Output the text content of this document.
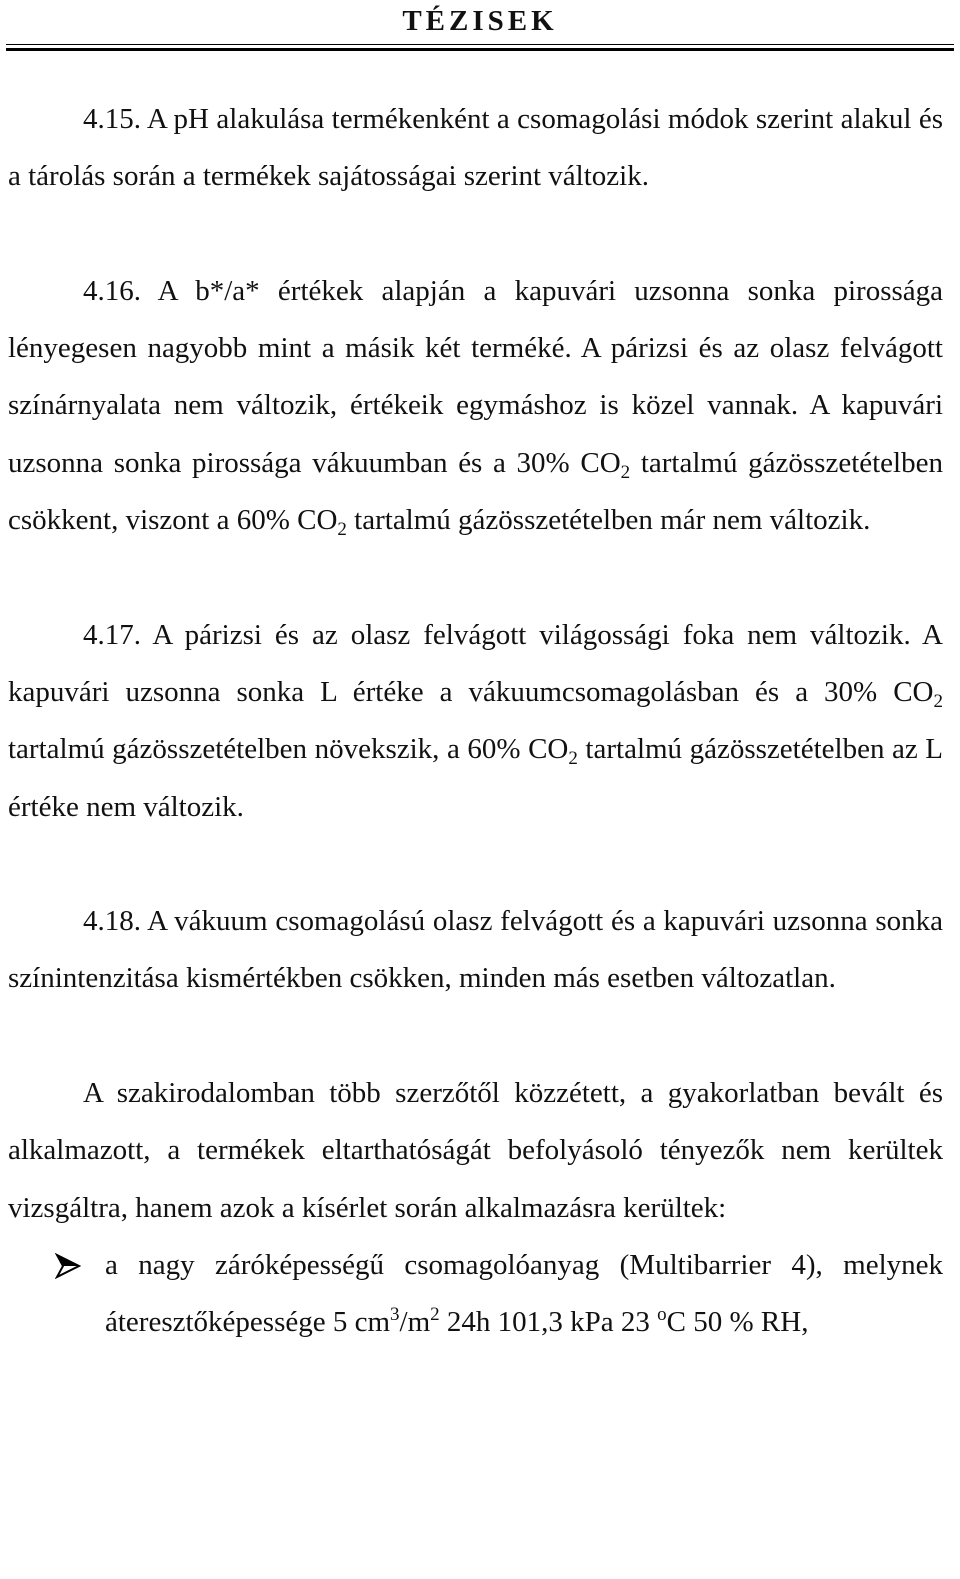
TÉZISEK

4.15. A pH alakulása termékenként a csomagolási módok szerint alakul és a tárolás során a termékek sajátosságai szerint változik.

4.16. A b*/a* értékek alapján a kapuvári uzsonna sonka pirossága lényegesen nagyobb mint a másik két terméké. A párizsi és az olasz felvágott színárnyalata nem változik, értékeik egymáshoz is közel vannak. A kapuvári uzsonna sonka pirossága vákuumban és a 30% $CO_2$ tartalmú gázösszetételben csökkent, viszont a 60% $CO_2$ tartalmú gázösszetételben már nem változik.

4.17. A párizsi és az olasz felvágott világossági foka nem változik. A kapuvári uzsonna sonka L értéke a vákuumcsomagolásban és a 30% $CO_2$ tartalmú gázösszetételben növekszik, a 60% $CO_2$ tartalmú gázösszetételben az L értéke nem változik.

4.18. A vákuum csomagolású olasz felvágott és a kapuvári uzsonna sonka színintenzitása kismértékben csökken, minden más esetben változatlan.

A szakirodalomban több szerzőtől közzétett, a gyakorlatban bevált és alkalmazott, a termékek eltarthatóságát befolyásoló tényezők nem kerültek vizsgáltra, hanem azok a kísérlet során alkalmazásra kerültek:

a nagy záróképességű csomagolóanyag (Multibarrier 4), melynek áteresztőképessége 5 $cm^3/m^2$ 24h 101,3 kPa 23 $^o$C 50 % RH,
